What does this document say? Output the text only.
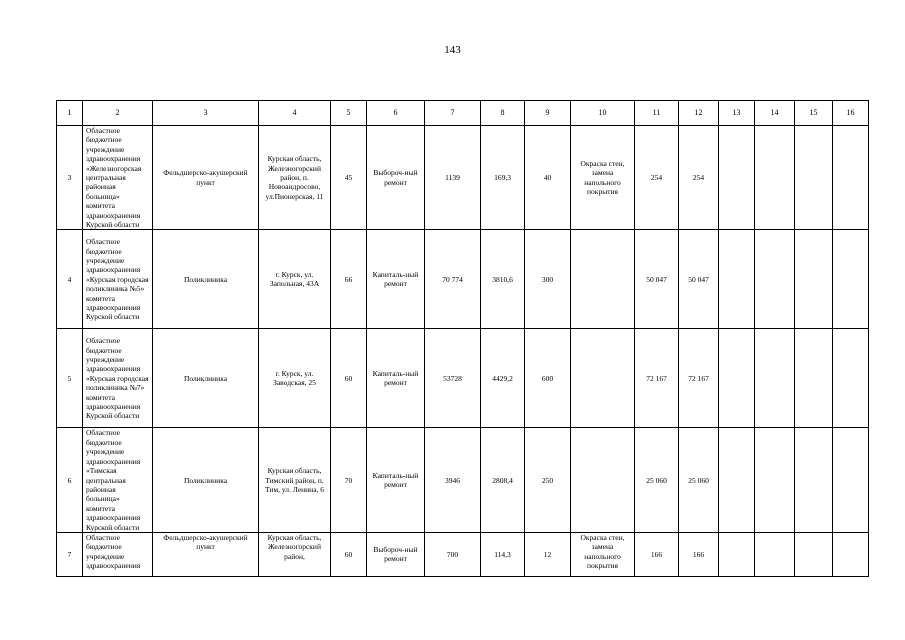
143
1	2	3	4	5	6	7	8	9	10	11	12	13	14	15	16
3	Областное бюджетное учреждение здравоохранения «Железногорская центральная районная больница» комитета здравоохранения Курской области	Фельдшерско-акушерский пункт	Курская область, Железногорский район, п. Новоандросово, ул.Пионерская, 11	45	Выбороч-ный ремонт	1139	169,3	40	Окраска стен, замена напольного покрытия	254	254				
4	Областное бюджетное учреждение здравоохранения «Курская городская поликлиника №5» комитета здравоохранения Курской области	Поликлиника	г. Курск, ул. Запольная, 43А	66	Капиталь-ный ремонт	70 774	3810,6	300		50 047	50 047				
5	Областное бюджетное учреждение здравоохранения «Курская городская поликлиника №7» комитета здравоохранения Курской области	Поликлиника	г. Курск, ул. Заводская, 25	60	Капиталь-ный ремонт	53728	4429,2	600		72 167	72 167				
6	Областное бюджетное учреждение здравоохранения «Тимская центральная районная больница» комитета здравоохранения Курской области	Поликлиника	Курская область, Тимский район, п. Тим, ул. Ленина, 6	70	Капиталь-ный ремонт	3946	2808,4	250		25 060	25 060				

7	Областное бюджетное учреждение здравоохранения	Фельдшерско-акушерский пункт	Курская область, Железногорский район,	60	Выбороч-ный ремонт	700	114,3	12	Окраска стен, замена напольного покрытия	166	166				
